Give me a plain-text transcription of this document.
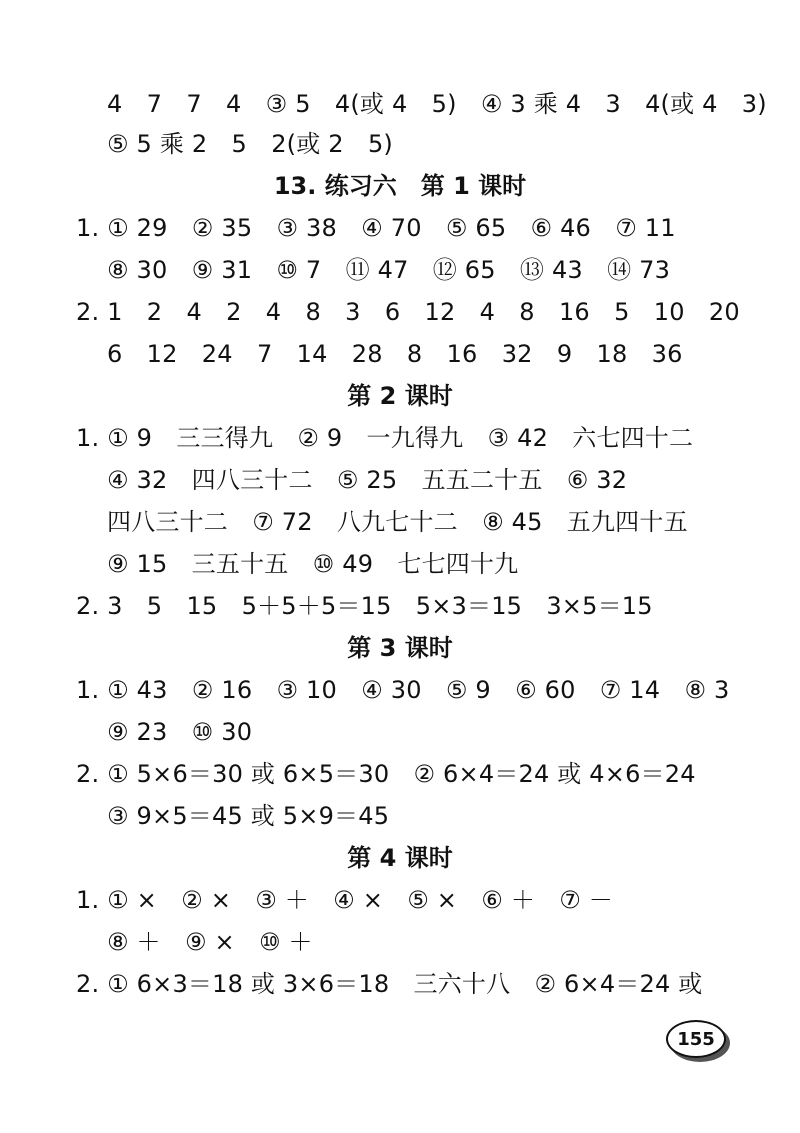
4　7　7　4　③ 5　4(或 4　5)　④ 3 乘 4　3　4(或 4　3)
⑤ 5 乘 2　5　2(或 2　5)
13. 练习六　第 1 课时
1. ① 29　② 35　③ 38　④ 70　⑤ 65　⑥ 46　⑦ 11
⑧ 30　⑨ 31　⑩ 7　⑪ 47　⑫ 65　⑬ 43　⑭ 73
2. 1　2　4　2　4　8　3　6　12　4　8　16　5　10　20
6　12　24　7　14　28　8　16　32　9　18　36
第 2 课时
1. ① 9　三三得九　② 9　一九得九　③ 42　六七四十二
④ 32　四八三十二　⑤ 25　五五二十五　⑥ 32
四八三十二　⑦ 72　八九七十二　⑧ 45　五九四十五
⑨ 15　三五十五　⑩ 49　七七四十九
2. 3　5　15　5＋5＋5＝15　5×3＝15　3×5＝15
第 3 课时
1. ① 43　② 16　③ 10　④ 30　⑤ 9　⑥ 60　⑦ 14　⑧ 3
⑨ 23　⑩ 30
2. ① 5×6＝30 或 6×5＝30　② 6×4＝24 或 4×6＝24
③ 9×5＝45 或 5×9＝45
第 4 课时
1. ① ×　② ×　③ ＋　④ ×　⑤ ×　⑥ ＋　⑦ －
⑧ ＋　⑨ ×　⑩ ＋
2. ① 6×3＝18 或 3×6＝18　三六十八　② 6×4＝24 或
155
